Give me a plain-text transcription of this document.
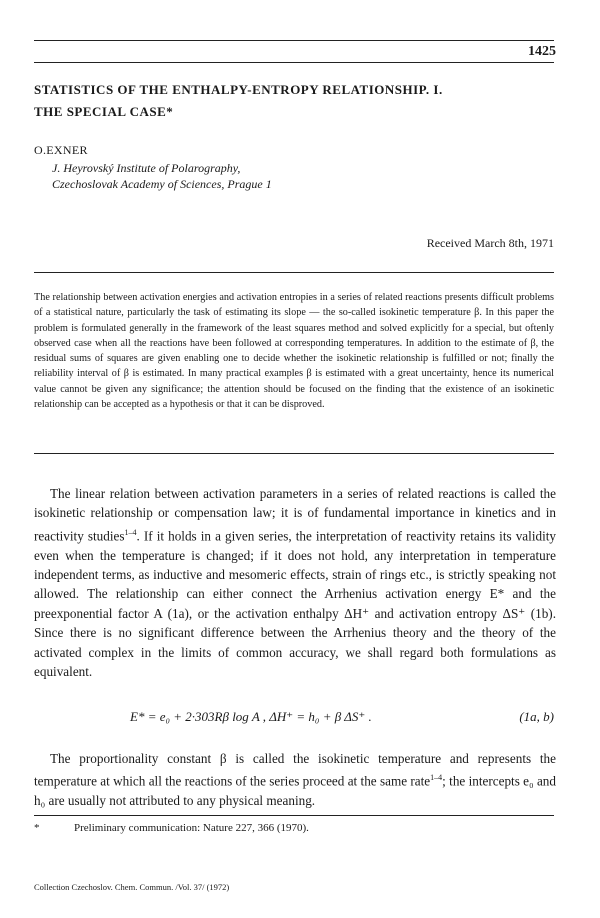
1425
STATISTICS OF THE ENTHALPY-ENTROPY RELATIONSHIP. I.
THE SPECIAL CASE*
O.EXNER
J. Heyrovský Institute of Polarography,
Czechoslovak Academy of Sciences, Prague 1
Received March 8th, 1971

The relationship between activation energies and activation entropies in a series of related reactions presents difficult problems of a statistical nature, particularly the task of estimating its slope — the so-called isokinetic temperature β. In this paper the problem is formulated generally in the framework of the least squares method and solved explicitly for a special, but oftenly observed case when all the reactions have been followed at corresponding temperatures. In addition to the estimate of β, the residual sums of squares are given enabling one to decide whether the isokinetic relationship is fulfilled or not; finally the reliability interval of β is estimated. In many practical examples β is estimated with a great uncertainty, hence its numerical value cannot be given any significance; the attention should be focused on the finding that the existence of an isokinetic relationship can be accepted as a hypothesis or that it can be disproved.

The linear relation between activation parameters in a series of related reactions is called the isokinetic relationship or compensation law; it is of fundamental importance in kinetics and in reactivity studies$^{1-4}$. If it holds in a given series, the interpretation of reactivity retains its validity even when the temperature is changed; if it does not hold, any interpretation in temperature independent terms, as inductive and mesomeric effects, strain of rings etc., is strictly speaking not allowed. The relationship can either connect the Arrhenius activation energy E* and the preexponential factor A (1a), or the activation enthalpy ΔH⁺ and activation entropy ΔS⁺ (1b). Since there is no significant difference between the Arrhenius theory and the theory of the activated complex in the limits of common accuracy, we shall regard both formulations as equivalent.

E* = e₀ + 2·303Rβ log A , ΔH⁺ = h₀ + β ΔS⁺ .	(1a, b)

The proportionality constant β is called the isokinetic temperature and represents the temperature at which all the reactions of the series proceed at the same rate$^{1-4}$; the intercepts e₀ and h₀ are usually not attributed to any physical meaning.

*	Preliminary communication: Nature 227, 366 (1970).
Collection Czechoslov. Chem. Commun. /Vol. 37/ (1972)
